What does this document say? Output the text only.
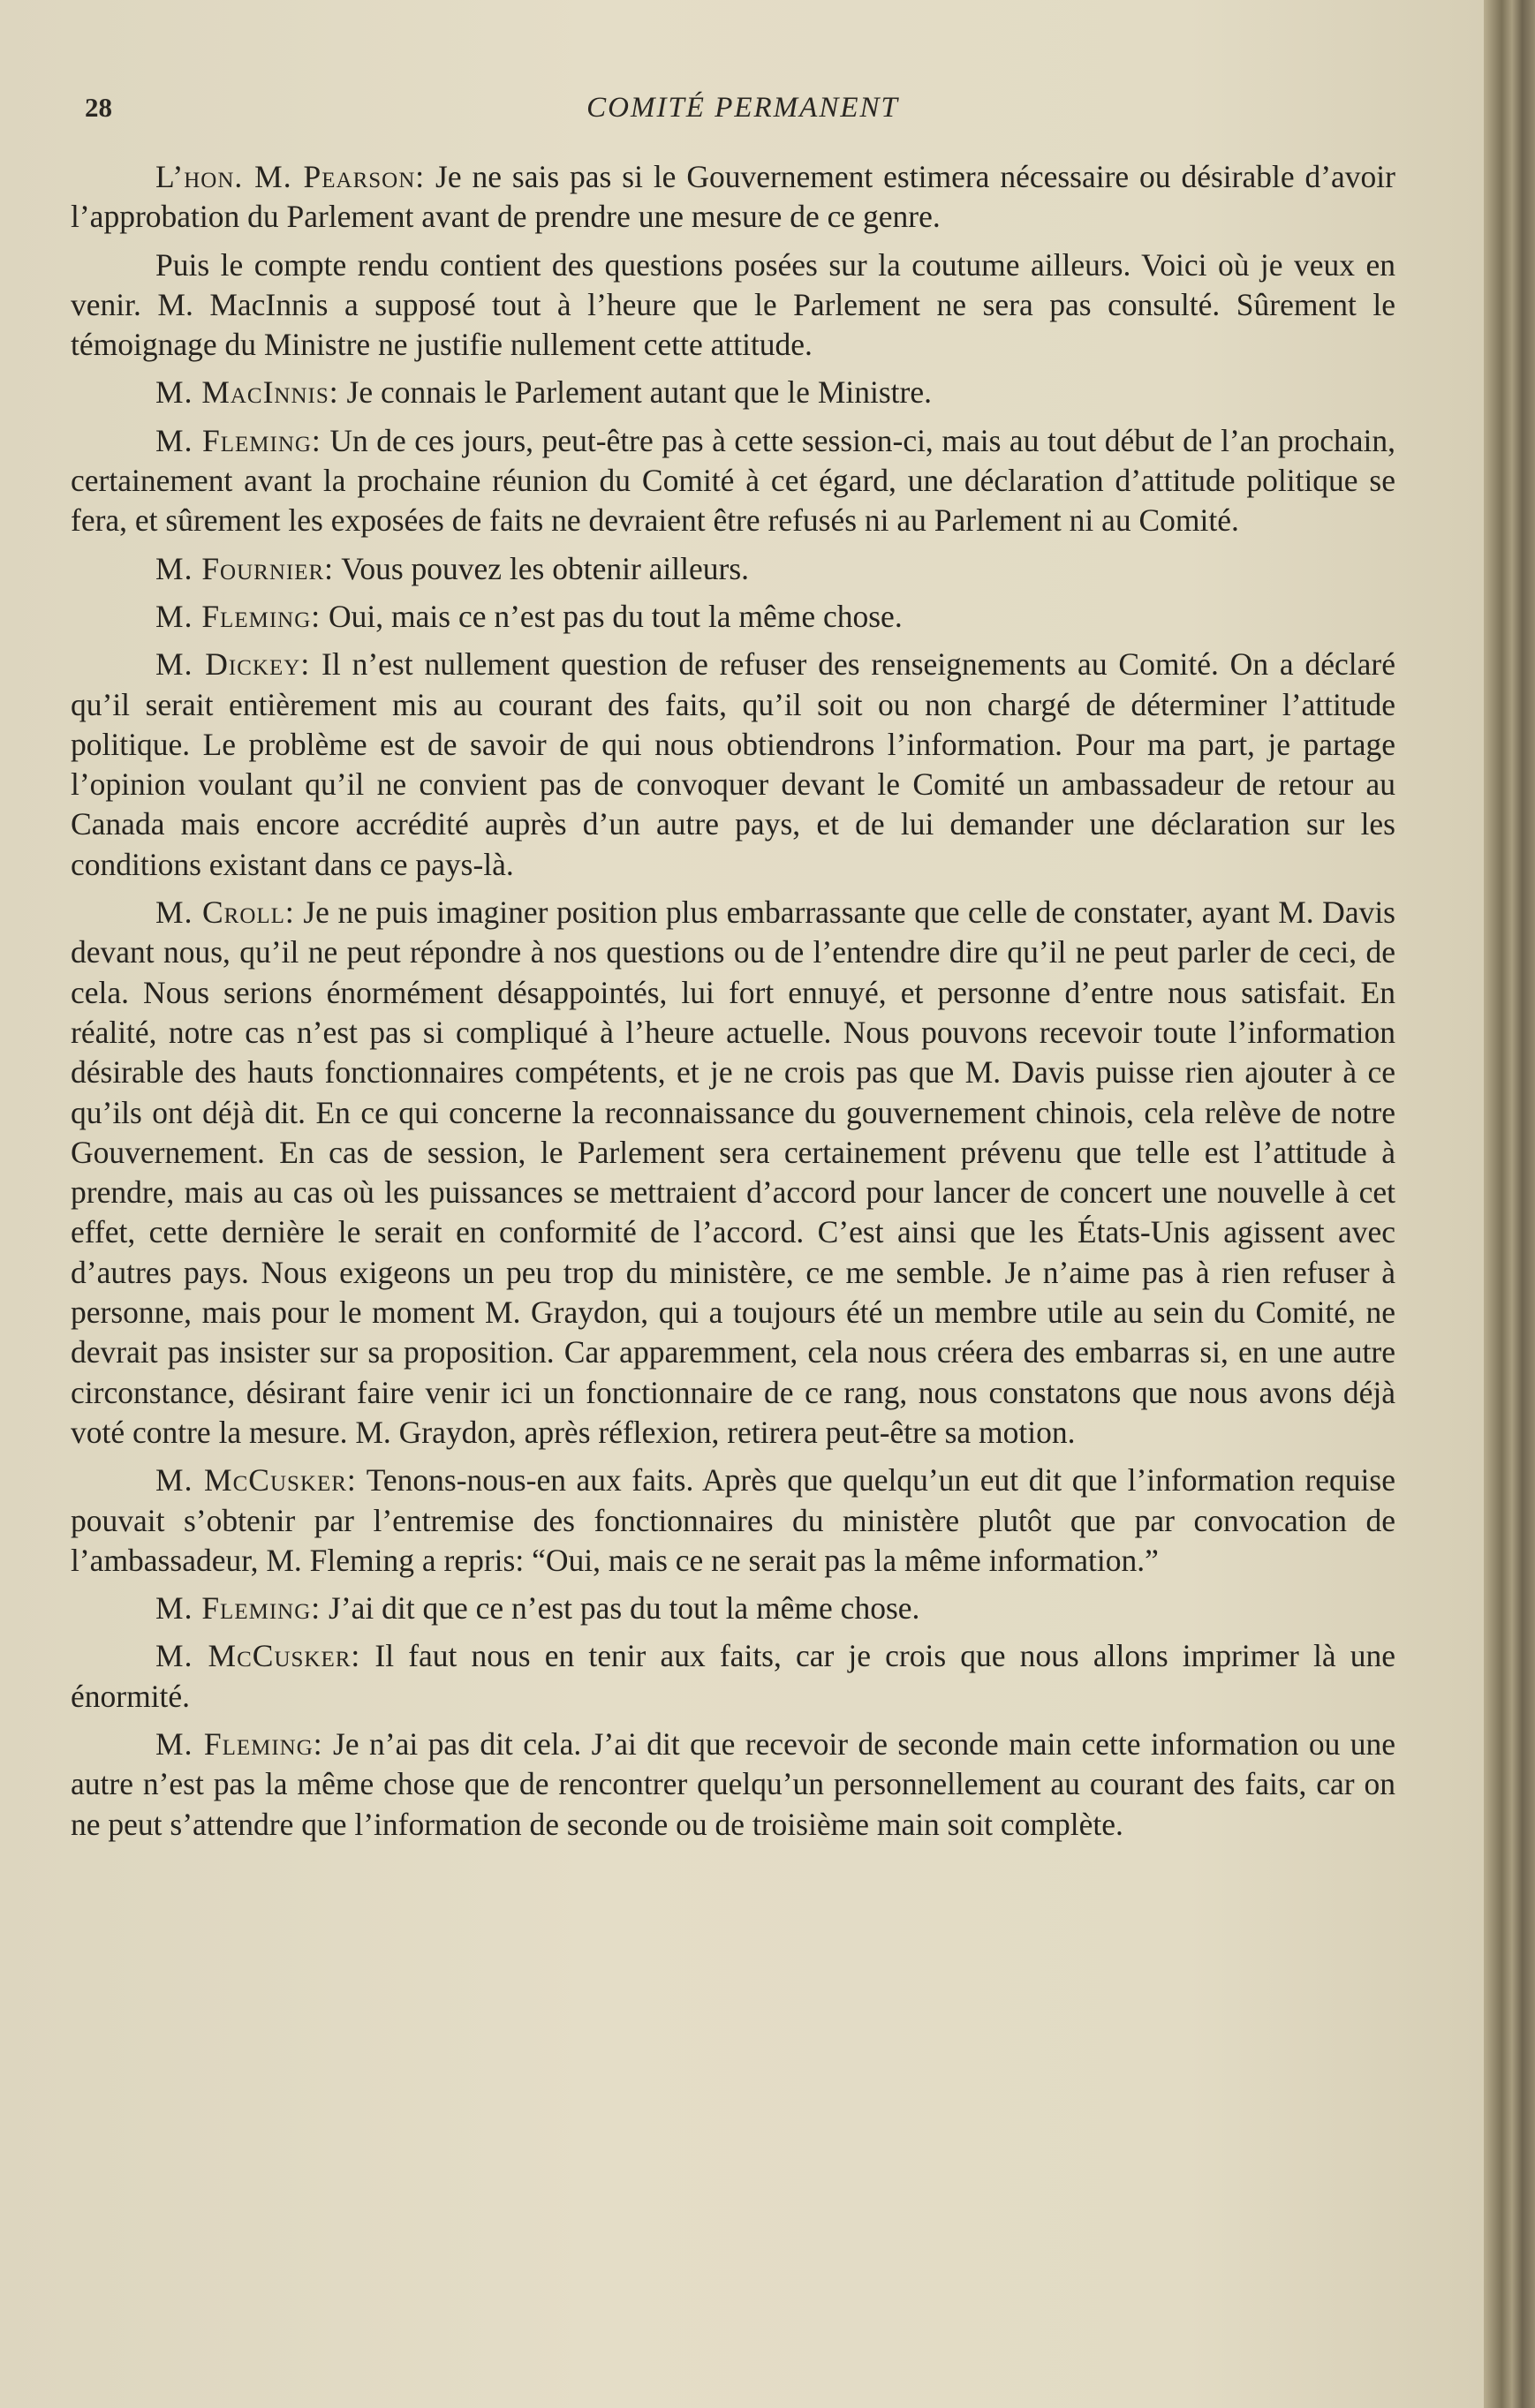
28	COMITÉ PERMANENT

L’hon. M. Pearson: Je ne sais pas si le Gouvernement estimera nécessaire ou désirable d’avoir l’approbation du Parlement avant de prendre une mesure de ce genre.

Puis le compte rendu contient des questions posées sur la coutume ailleurs. Voici où je veux en venir. M. MacInnis a supposé tout à l’heure que le Parlement ne sera pas consulté. Sûrement le témoignage du Ministre ne justifie nullement cette attitude.

M. MacInnis: Je connais le Parlement autant que le Ministre.

M. Fleming: Un de ces jours, peut-être pas à cette session-ci, mais au tout début de l’an prochain, certainement avant la prochaine réunion du Comité à cet égard, une déclaration d’attitude politique se fera, et sûrement les exposées de faits ne devraient être refusés ni au Parlement ni au Comité.

M. Fournier: Vous pouvez les obtenir ailleurs.

M. Fleming: Oui, mais ce n’est pas du tout la même chose.

M. Dickey: Il n’est nullement question de refuser des renseignements au Comité. On a déclaré qu’il serait entièrement mis au courant des faits, qu’il soit ou non chargé de déterminer l’attitude politique. Le problème est de savoir de qui nous obtiendrons l’information. Pour ma part, je partage l’opinion voulant qu’il ne convient pas de convoquer devant le Comité un ambassadeur de retour au Canada mais encore accrédité auprès d’un autre pays, et de lui demander une déclaration sur les conditions existant dans ce pays-là.

M. Croll: Je ne puis imaginer position plus embarrassante que celle de constater, ayant M. Davis devant nous, qu’il ne peut répondre à nos questions ou de l’entendre dire qu’il ne peut parler de ceci, de cela. Nous serions énormément désappointés, lui fort ennuyé, et personne d’entre nous satisfait. En réalité, notre cas n’est pas si compliqué à l’heure actuelle. Nous pouvons recevoir toute l’information désirable des hauts fonctionnaires compétents, et je ne crois pas que M. Davis puisse rien ajouter à ce qu’ils ont déjà dit. En ce qui concerne la reconnaissance du gouvernement chinois, cela relève de notre Gouvernement. En cas de session, le Parlement sera certainement prévenu que telle est l’attitude à prendre, mais au cas où les puissances se mettraient d’accord pour lancer de concert une nouvelle à cet effet, cette dernière le serait en conformité de l’accord. C’est ainsi que les États-Unis agissent avec d’autres pays. Nous exigeons un peu trop du ministère, ce me semble. Je n’aime pas à rien refuser à personne, mais pour le moment M. Graydon, qui a toujours été un membre utile au sein du Comité, ne devrait pas insister sur sa proposition. Car apparemment, cela nous créera des embarras si, en une autre circonstance, désirant faire venir ici un fonctionnaire de ce rang, nous constatons que nous avons déjà voté contre la mesure. M. Graydon, après réflexion, retirera peut-être sa motion.

M. McCusker: Tenons-nous-en aux faits. Après que quelqu’un eut dit que l’information requise pouvait s’obtenir par l’entremise des fonctionnaires du ministère plutôt que par convocation de l’ambassadeur, M. Fleming a repris: “Oui, mais ce ne serait pas la même information.”

M. Fleming: J’ai dit que ce n’est pas du tout la même chose.

M. McCusker: Il faut nous en tenir aux faits, car je crois que nous allons imprimer là une énormité.

M. Fleming: Je n’ai pas dit cela. J’ai dit que recevoir de seconde main cette information ou une autre n’est pas la même chose que de rencontrer quelqu’un personnellement au courant des faits, car on ne peut s’attendre que l’information de seconde ou de troisième main soit complète.
